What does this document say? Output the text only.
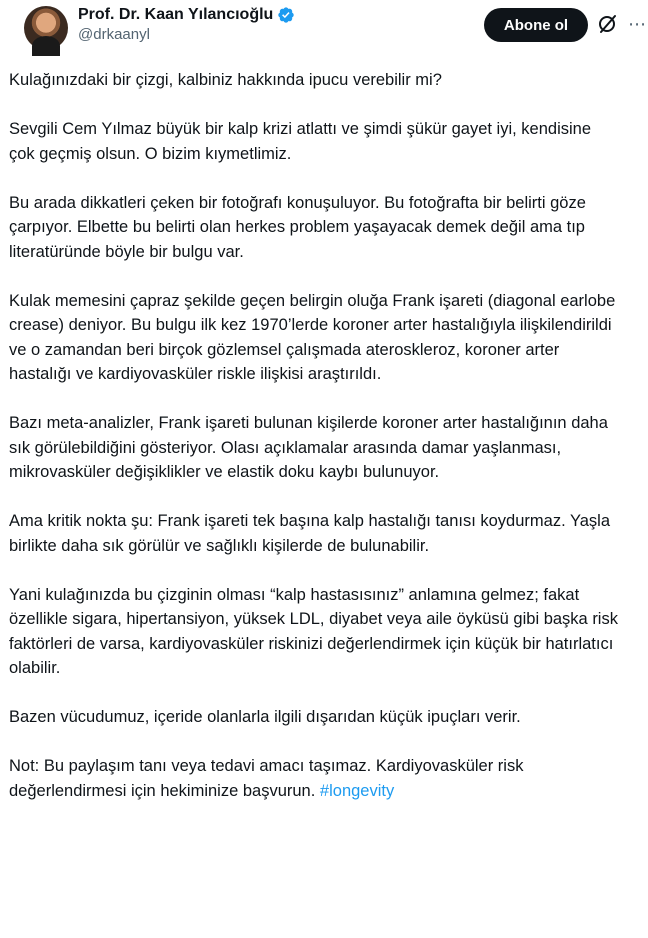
Prof. Dr. Kaan Yılancıoğlu
@drkaanyl
Abone ol	⋯

Kulağınızdaki bir çizgi, kalbiniz hakkında ipucu verebilir mi?

Sevgili Cem Yılmaz büyük bir kalp krizi atlattı ve şimdi şükür gayet iyi, kendisine çok geçmiş olsun. O bizim kıymetlimiz.

Bu arada dikkatleri çeken bir fotoğrafı konuşuluyor. Bu fotoğrafta bir belirti göze çarpıyor. Elbette bu belirti olan herkes problem yaşayacak demek değil ama tıp literatüründe böyle bir bulgu var.

Kulak memesini çapraz şekilde geçen belirgin oluğa Frank işareti (diagonal earlobe crease) deniyor. Bu bulgu ilk kez 1970’lerde koroner arter hastalığıyla ilişkilendirildi ve o zamandan beri birçok gözlemsel çalışmada ateroskleroz, koroner arter hastalığı ve kardiyovasküler riskle ilişkisi araştırıldı.

Bazı meta-analizler, Frank işareti bulunan kişilerde koroner arter hastalığının daha sık görülebildiğini gösteriyor. Olası açıklamalar arasında damar yaşlanması, mikrovasküler değişiklikler ve elastik doku kaybı bulunuyor.

Ama kritik nokta şu: Frank işareti tek başına kalp hastalığı tanısı koydurmaz. Yaşla birlikte daha sık görülür ve sağlıklı kişilerde de bulunabilir.

Yani kulağınızda bu çizginin olması “kalp hastasısınız” anlamına gelmez; fakat özellikle sigara, hipertansiyon, yüksek LDL, diyabet veya aile öyküsü gibi başka risk faktörleri de varsa, kardiyovasküler riskinizi değerlendirmek için küçük bir hatırlatıcı olabilir.

Bazen vücudumuz, içeride olanlarla ilgili dışarıdan küçük ipuçları verir.

Not: Bu paylaşım tanı veya tedavi amacı taşımaz. Kardiyovasküler risk değerlendirmesi için hekiminize başvurun. #longevity
